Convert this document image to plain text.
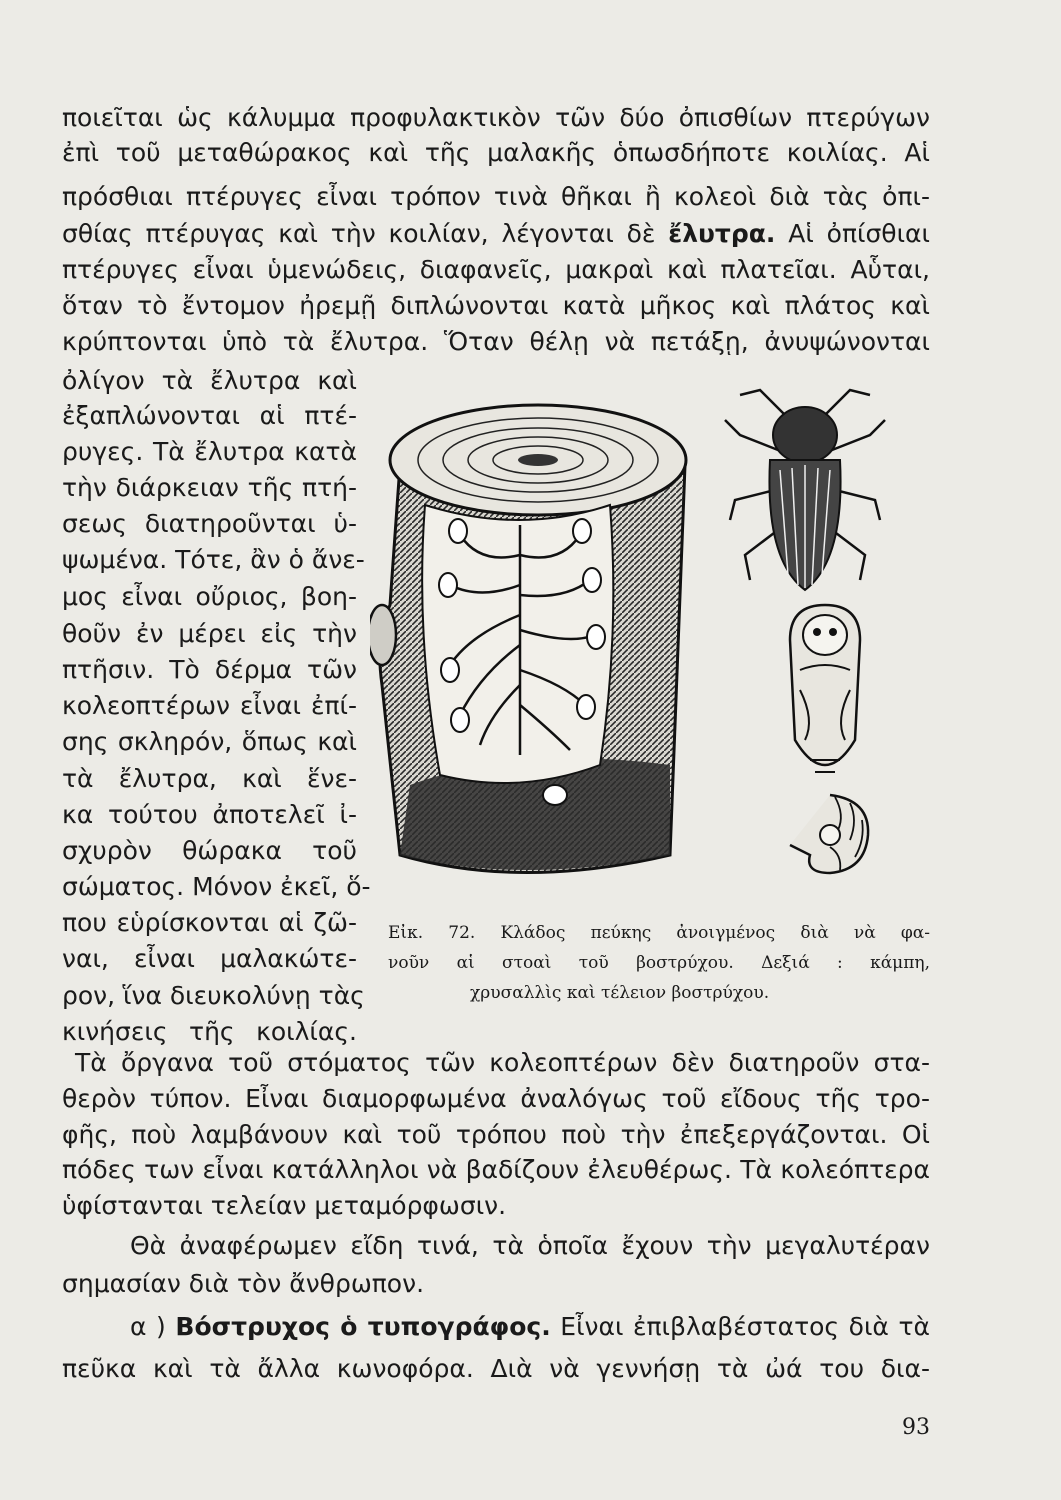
ποιεῖται ὡς κάλυμμα προφυλακτικὸν τῶν δύο ὀπισθίων πτερύγων
ἐπὶ τοῦ μεταθώρακος καὶ τῆς μαλακῆς ὁπωσδήποτε κοιλίας. Αἱ
πρόσθιαι πτέρυγες εἶναι τρόπον τινὰ θῆκαι ἢ κολεοὶ διὰ τὰς ὀπι-
σθίας πτέρυγας καὶ τὴν κοιλίαν, λέγονται δὲ ἔλυτρα. Αἱ ὀπίσθιαι
πτέρυγες εἶναι ὑμενώδεις, διαφανεῖς, μακραὶ καὶ πλατεῖαι. Αὗται,
ὅταν τὸ ἔντομον ἠρεμῇ διπλώνονται κατὰ μῆκος καὶ πλάτος καὶ
κρύπτονται ὑπὸ τὰ ἔλυτρα. Ὅταν θέλῃ νὰ πετάξῃ, ἀνυψώνονται
ὀλίγον τὰ ἔλυτρα καὶ
ἐξαπλώνονται αἱ πτέ-
ρυγες. Τὰ ἔλυτρα κατὰ
τὴν διάρκειαν τῆς πτή-
σεως διατηροῦνται ὑ-
ψωμένα. Τότε, ἂν ὁ ἄνε-
μος εἶναι οὔριος, βοη-
θοῦν ἐν μέρει εἰς τὴν
πτῆσιν. Τὸ δέρμα τῶν
κολεοπτέρων εἶναι ἐπί-
σης σκληρόν, ὅπως καὶ
τὰ ἔλυτρα, καὶ ἕνε-
κα τούτου ἀποτελεῖ ἰ-
σχυρὸν θώρακα τοῦ
σώματος. Μόνον ἐκεῖ, ὅ-
που εὑρίσκονται αἱ ζῶ-
ναι, εἶναι μαλακώτε-
ρον, ἵνα διευκολύνῃ τὰς
κινήσεις τῆς κοιλίας.
Εἰκ. 72. Κλάδος πεύκης ἀνοιγμένος διὰ νὰ φα-
νοῦν αἱ στοαὶ τοῦ βοστρύχου. Δεξιά : κάμπη,
χρυσαλλὶς καὶ τέλειον βοστρύχου.
Τὰ ὄργανα τοῦ στόματος τῶν κολεοπτέρων δὲν διατηροῦν στα-
θερὸν τύπον. Εἶναι διαμορφωμένα ἀναλόγως τοῦ εἴδους τῆς τρο-
φῆς, ποὺ λαμβάνουν καὶ τοῦ τρόπου ποὺ τὴν ἐπεξεργάζονται. Οἱ
πόδες των εἶναι κατάλληλοι νὰ βαδίζουν ἐλευθέρως. Τὰ κολεόπτερα
ὑφίστανται τελείαν μεταμόρφωσιν.
Θὰ ἀναφέρωμεν εἴδη τινά, τὰ ὁποῖα ἔχουν τὴν μεγαλυτέραν
σημασίαν διὰ τὸν ἄνθρωπον.
α ) Βόστρυχος ὁ τυπογράφος. Εἶναι ἐπιβλαβέστατος διὰ τὰ
πεῦκα καὶ τὰ ἄλλα κωνοφόρα. Διὰ νὰ γεννήσῃ τὰ ὠά του δια-
93
